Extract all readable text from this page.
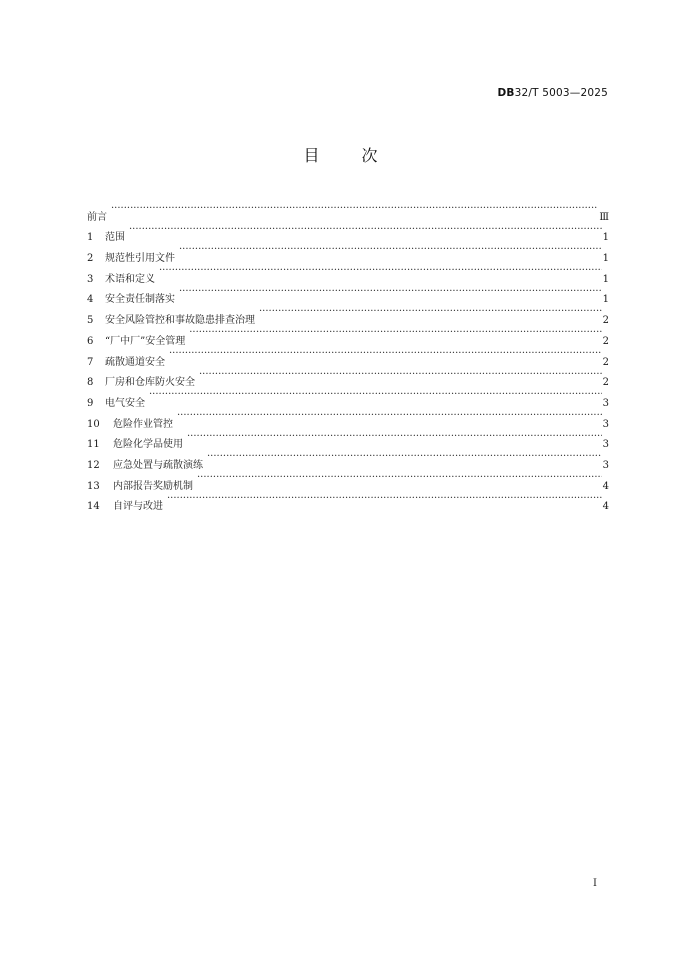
DB32/T 5003—2025
目次
前言 ·····	Ⅲ
1	范围 ·····	1
2	规范性引用文件 ·····	1
3	术语和定义 ·····	1
4	安全责任制落实 ·····	1
5	安全风险管控和事故隐患排查治理 ·····	2
6	“厂中厂”安全管理 ·····	2
7	疏散通道安全 ·····	2
8	厂房和仓库防火安全 ·····	2
9	电气安全 ·····	3
10	危险作业管控 ·····	3
11	危险化学品使用 ·····	3
12	应急处置与疏散演练 ·····	3
13	内部报告奖励机制 ·····	4
14	自评与改进 ·····	4
I
